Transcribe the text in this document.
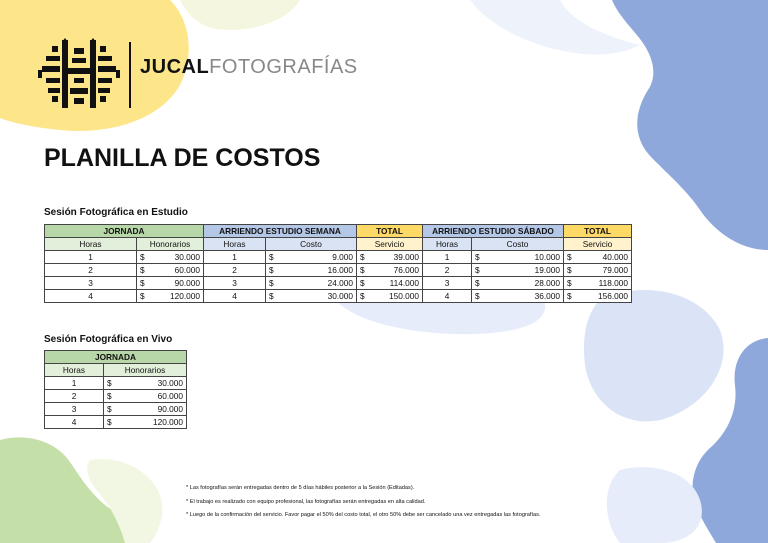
JUCALFOTOGRAFÍAS
PLANILLA DE COSTOS
Sesión Fotográfica en Estudio
JORNADA		ARRIENDO ESTUDIO SEMANA		TOTAL	ARRIENDO ESTUDIO SÁBADO		TOTAL
Horas	Honorarios	Horas	Costo	Servicio	Horas	Costo	Servicio
1	$ 30.000	1	$ 9.000	$ 39.000	1	$ 10.000	$ 40.000
2	$ 60.000	2	$ 16.000	$ 76.000	2	$ 19.000	$ 79.000
3	$ 90.000	3	$ 24.000	$ 114.000	3	$ 28.000	$ 118.000
4	$ 120.000	4	$ 30.000	$ 150.000	4	$ 36.000	$ 156.000
Sesión Fotográfica en Vivo
JORNADA	
Horas	Honorarios
1	$ 30.000
2	$ 60.000
3	$ 90.000
4	$ 120.000
* Las fotografías serán entregadas dentro de 5 días hábiles posterior a la Sesión (Editadas).
* El trabajo es realizado con equipo profesional, las fotografías serán entregadas en alta calidad.
* Luego de la confirmación del servicio. Favor pagar el 50% del costo total, el otro 50% debe ser cancelado una vez entregadas las fotografías.
